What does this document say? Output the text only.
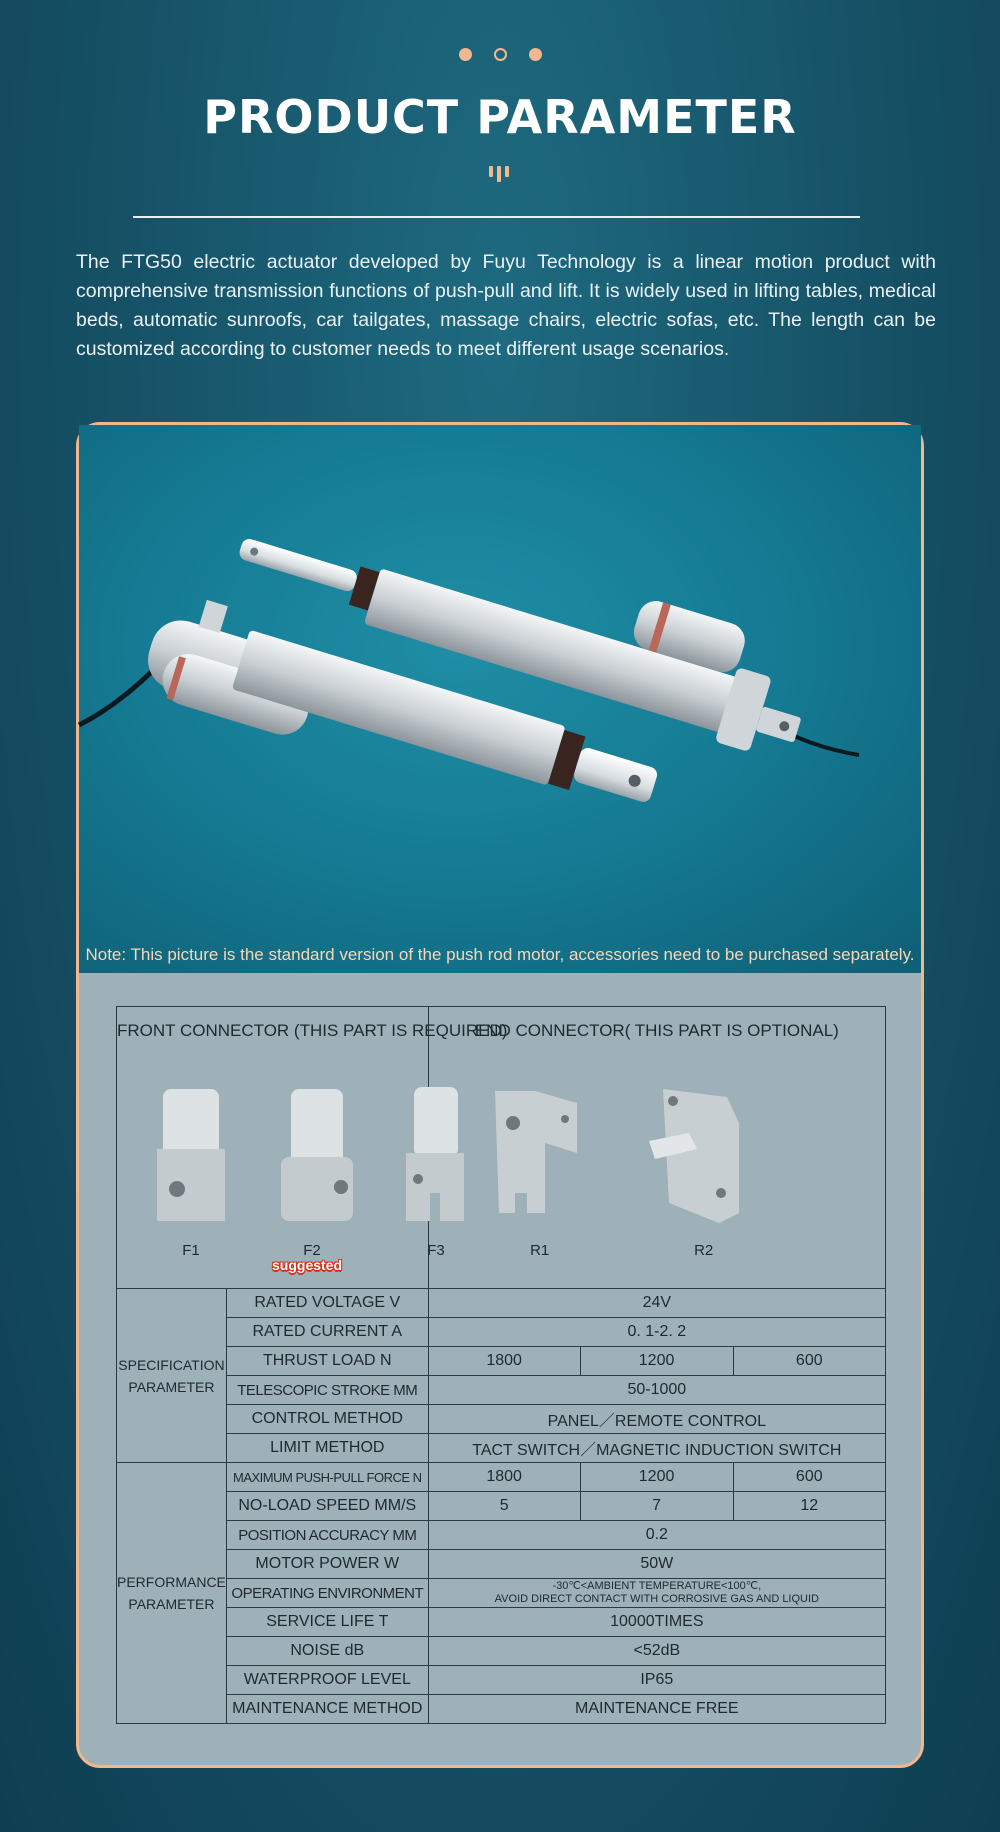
PRODUCT PARAMETER

The FTG50 electric actuator developed by Fuyu Technology is a linear motion product with comprehensive transmission functions of push-pull and lift. It is widely used in lifting tables, medical beds, automatic sunroofs, car tailgates, massage chairs, electric sofas, etc. The length can be customized according to customer needs to meet different usage scenarios.

Note: This picture is the standard version of the push rod motor, accessories need to be purchased separately.

FRONT CONNECTOR (THIS PART IS REQUIRED)
F1 F2
suggested
F3		END CONNECTOR( THIS PART IS OPTIONAL)
R1 R2		

SPECIFICATION PARAMETER	RATED VOLTAGE V	24V		
	RATED CURRENT A	0. 1-2. 2		
	THRUST LOAD N	1800	1200	600
	TELESCOPIC STROKE MM	50-1000		
	CONTROL METHOD	PANEL／REMOTE CONTROL		
	LIMIT METHOD	TACT SWITCH／MAGNETIC INDUCTION SWITCH		
PERFORMANCE PARAMETER	MAXIMUM PUSH-PULL FORCE N	1800	1200	600
	NO-LOAD SPEED MM/S	5	7	12
	POSITION ACCURACY MM	0.2		
	MOTOR POWER W	50W		
	OPERATING ENVIRONMENT	-30℃<AMBIENT TEMPERATURE<100℃,
AVOID DIRECT CONTACT WITH CORROSIVE GAS AND LIQUID		
	SERVICE LIFE T	10000TIMES		
	NOISE dB	<52dB		
	WATERPROOF LEVEL	IP65		
	MAINTENANCE METHOD	MAINTENANCE FREE		
